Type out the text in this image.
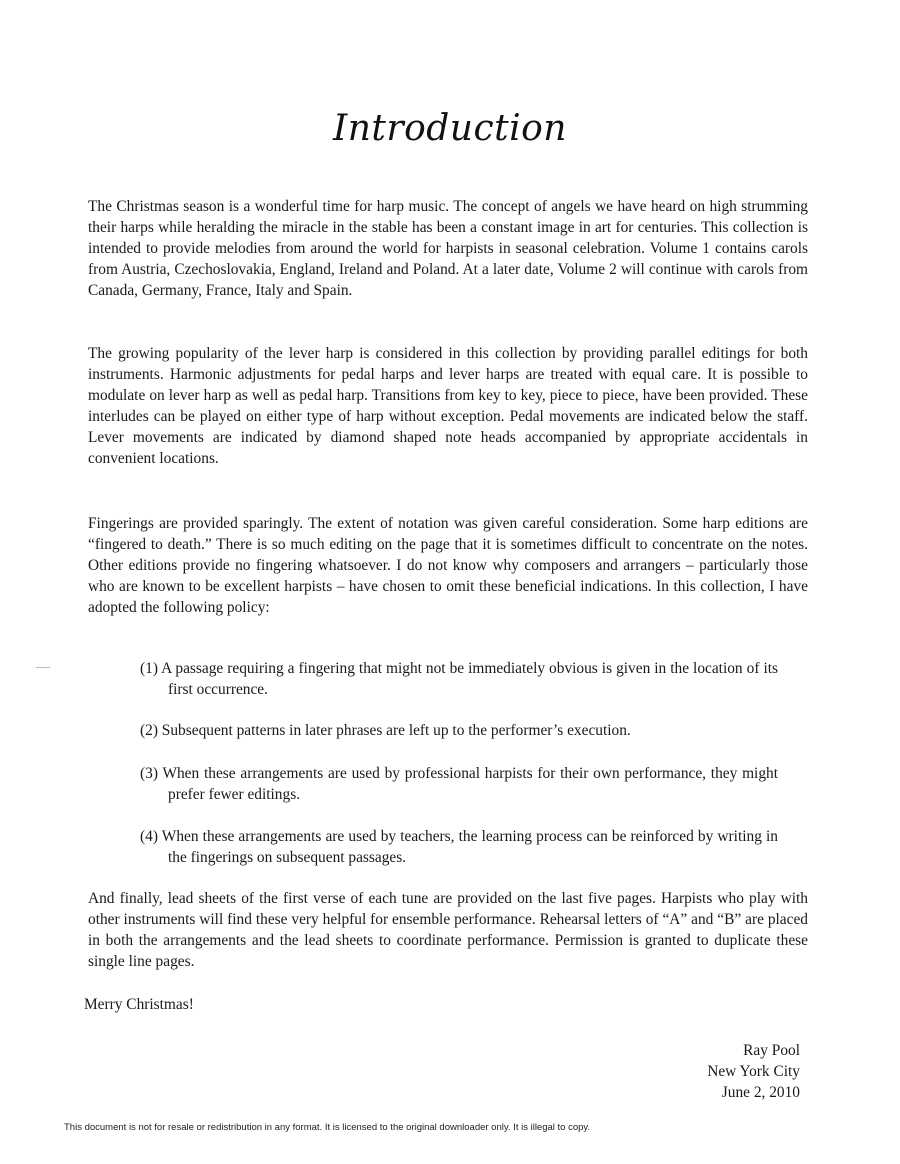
Introduction
The Christmas season is a wonderful time for harp music. The concept of angels we have heard on high strumming their harps while heralding the miracle in the stable has been a constant image in art for centuries. This collection is intended to provide melodies from around the world for harpists in seasonal celebration. Volume 1 contains carols from Austria, Czechoslovakia, England, Ireland and Poland. At a later date, Volume 2 will continue with carols from Canada, Germany, France, Italy and Spain.
The growing popularity of the lever harp is considered in this collection by providing parallel editings for both instruments. Harmonic adjustments for pedal harps and lever harps are treated with equal care. It is possible to modulate on lever harp as well as pedal harp. Transitions from key to key, piece to piece, have been provided. These interludes can be played on either type of harp without exception. Pedal movements are indicated below the staff. Lever movements are indicated by diamond shaped note heads accompanied by appropriate accidentals in convenient locations.
Fingerings are provided sparingly. The extent of notation was given careful consideration. Some harp editions are “fingered to death.” There is so much editing on the page that it is sometimes difficult to concentrate on the notes. Other editions provide no fingering whatsoever. I do not know why composers and arrangers – particularly those who are known to be excellent harpists – have chosen to omit these beneficial indications. In this collection, I have adopted the following policy:
(1) A passage requiring a fingering that might not be immediately obvious is given in the location of its first occurrence.
(2) Subsequent patterns in later phrases are left up to the performer’s execution.
(3) When these arrangements are used by professional harpists for their own performance, they might prefer fewer editings.
(4) When these arrangements are used by teachers, the learning process can be reinforced by writing in the fingerings on subsequent passages.
And finally, lead sheets of the first verse of each tune are provided on the last five pages. Harpists who play with other instruments will find these very helpful for ensemble performance. Rehearsal letters of “A” and “B” are placed in both the arrangements and the lead sheets to coordinate performance. Permission is granted to duplicate these single line pages.
Merry Christmas!
Ray Pool
New York City
June 2, 2010
This document is not for resale or redistribution in any format. It is licensed to the original downloader only. It is illegal to copy.
